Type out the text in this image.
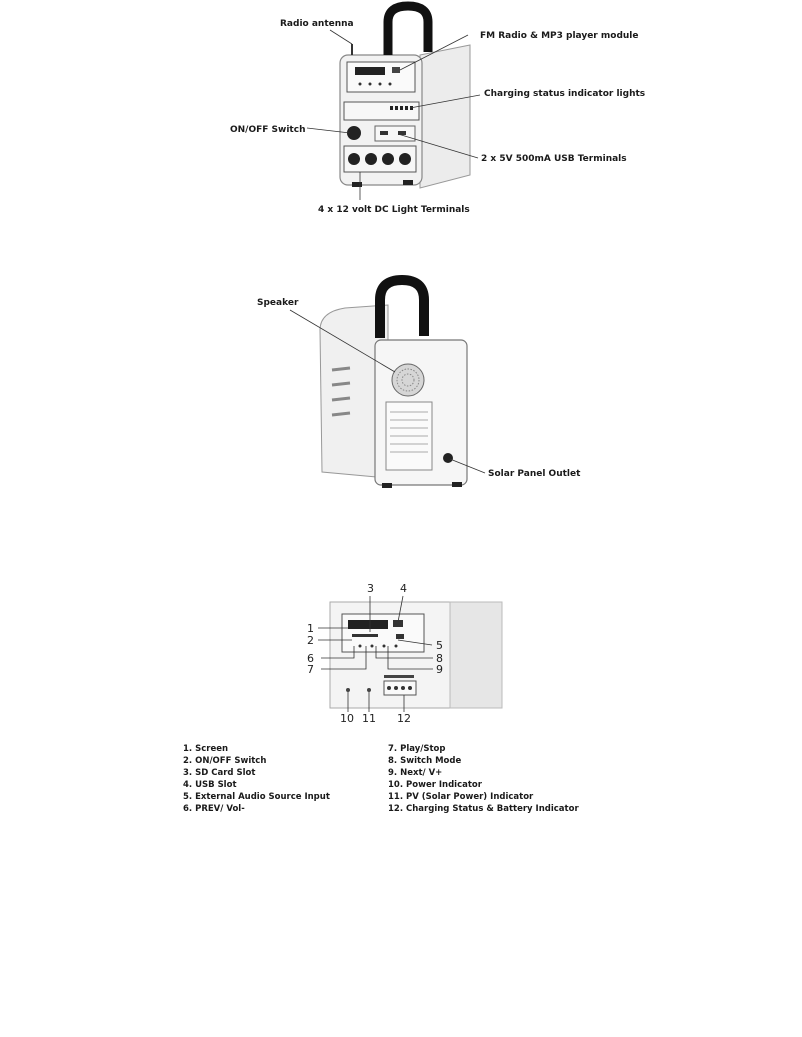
Radio antenna
FM Radio & MP3 player module
Charging status indicator lights
ON/OFF Switch
2 x 5V 500mA USB Terminals
4 x 12 volt DC Light Terminals
Speaker
Solar Panel Outlet
3 4
1
2	5
6
7
8
9
10 11 12
1. Screen
2. ON/OFF Switch
3. SD Card Slot
4. USB Slot
5. External Audio Source Input
6. PREV/ Vol-
7. Play/Stop
8. Switch Mode
9. Next/ V+
10. Power Indicator
11. PV (Solar Power) Indicator
12. Charging Status & Battery Indicator
